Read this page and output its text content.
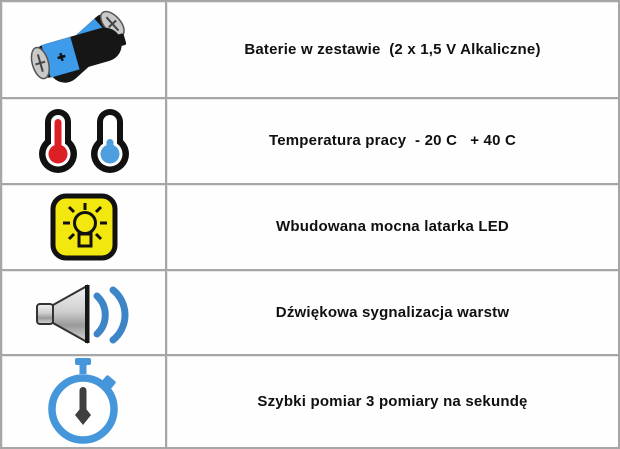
	Baterie w zestawie  (2 x 1,5 V Alkaliczne)

	Temperatura pracy  - 20 C   + 40 C

	Wbudowana mocna latarka LED

	Dźwiękowa sygnalizacja warstw

	Szybki pomiar 3 pomiary na sekundę
